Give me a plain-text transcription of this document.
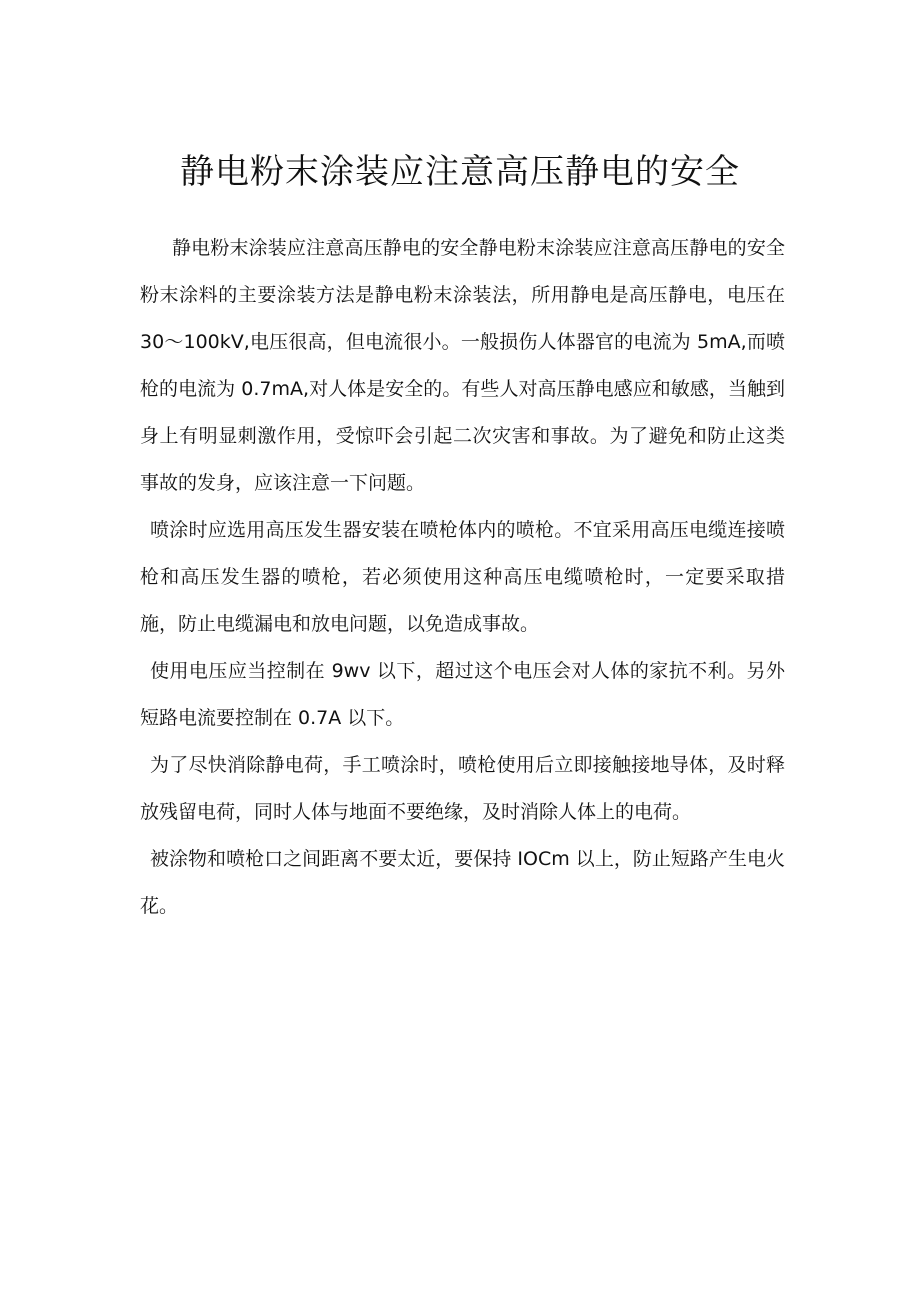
静电粉末涂装应注意高压静电的安全

静电粉末涂装应注意高压静电的安全静电粉末涂装应注意高压静电的安全粉末涂料的主要涂装方法是静电粉末涂装法，所用静电是高压静电，电压在 30～100kV,电压很高，但电流很小。一般损伤人体器官的电流为 5mA,而喷枪的电流为 0.7mA,对人体是安全的。有些人对高压静电感应和敏感，当触到身上有明显刺激作用，受惊吓会引起二次灾害和事故。为了避免和防止这类事故的发身，应该注意一下问题。

喷涂时应选用高压发生器安装在喷枪体内的喷枪。不宜采用高压电缆连接喷枪和高压发生器的喷枪，若必须使用这种高压电缆喷枪时，一定要采取措施，防止电缆漏电和放电问题，以免造成事故。

使用电压应当控制在 9wv 以下，超过这个电压会对人体的家抗不利。另外短路电流要控制在 0.7A 以下。

为了尽快消除静电荷，手工喷涂时，喷枪使用后立即接触接地导体，及时释放残留电荷，同时人体与地面不要绝缘，及时消除人体上的电荷。

被涂物和喷枪口之间距离不要太近，要保持 IOCm 以上，防止短路产生电火花。
